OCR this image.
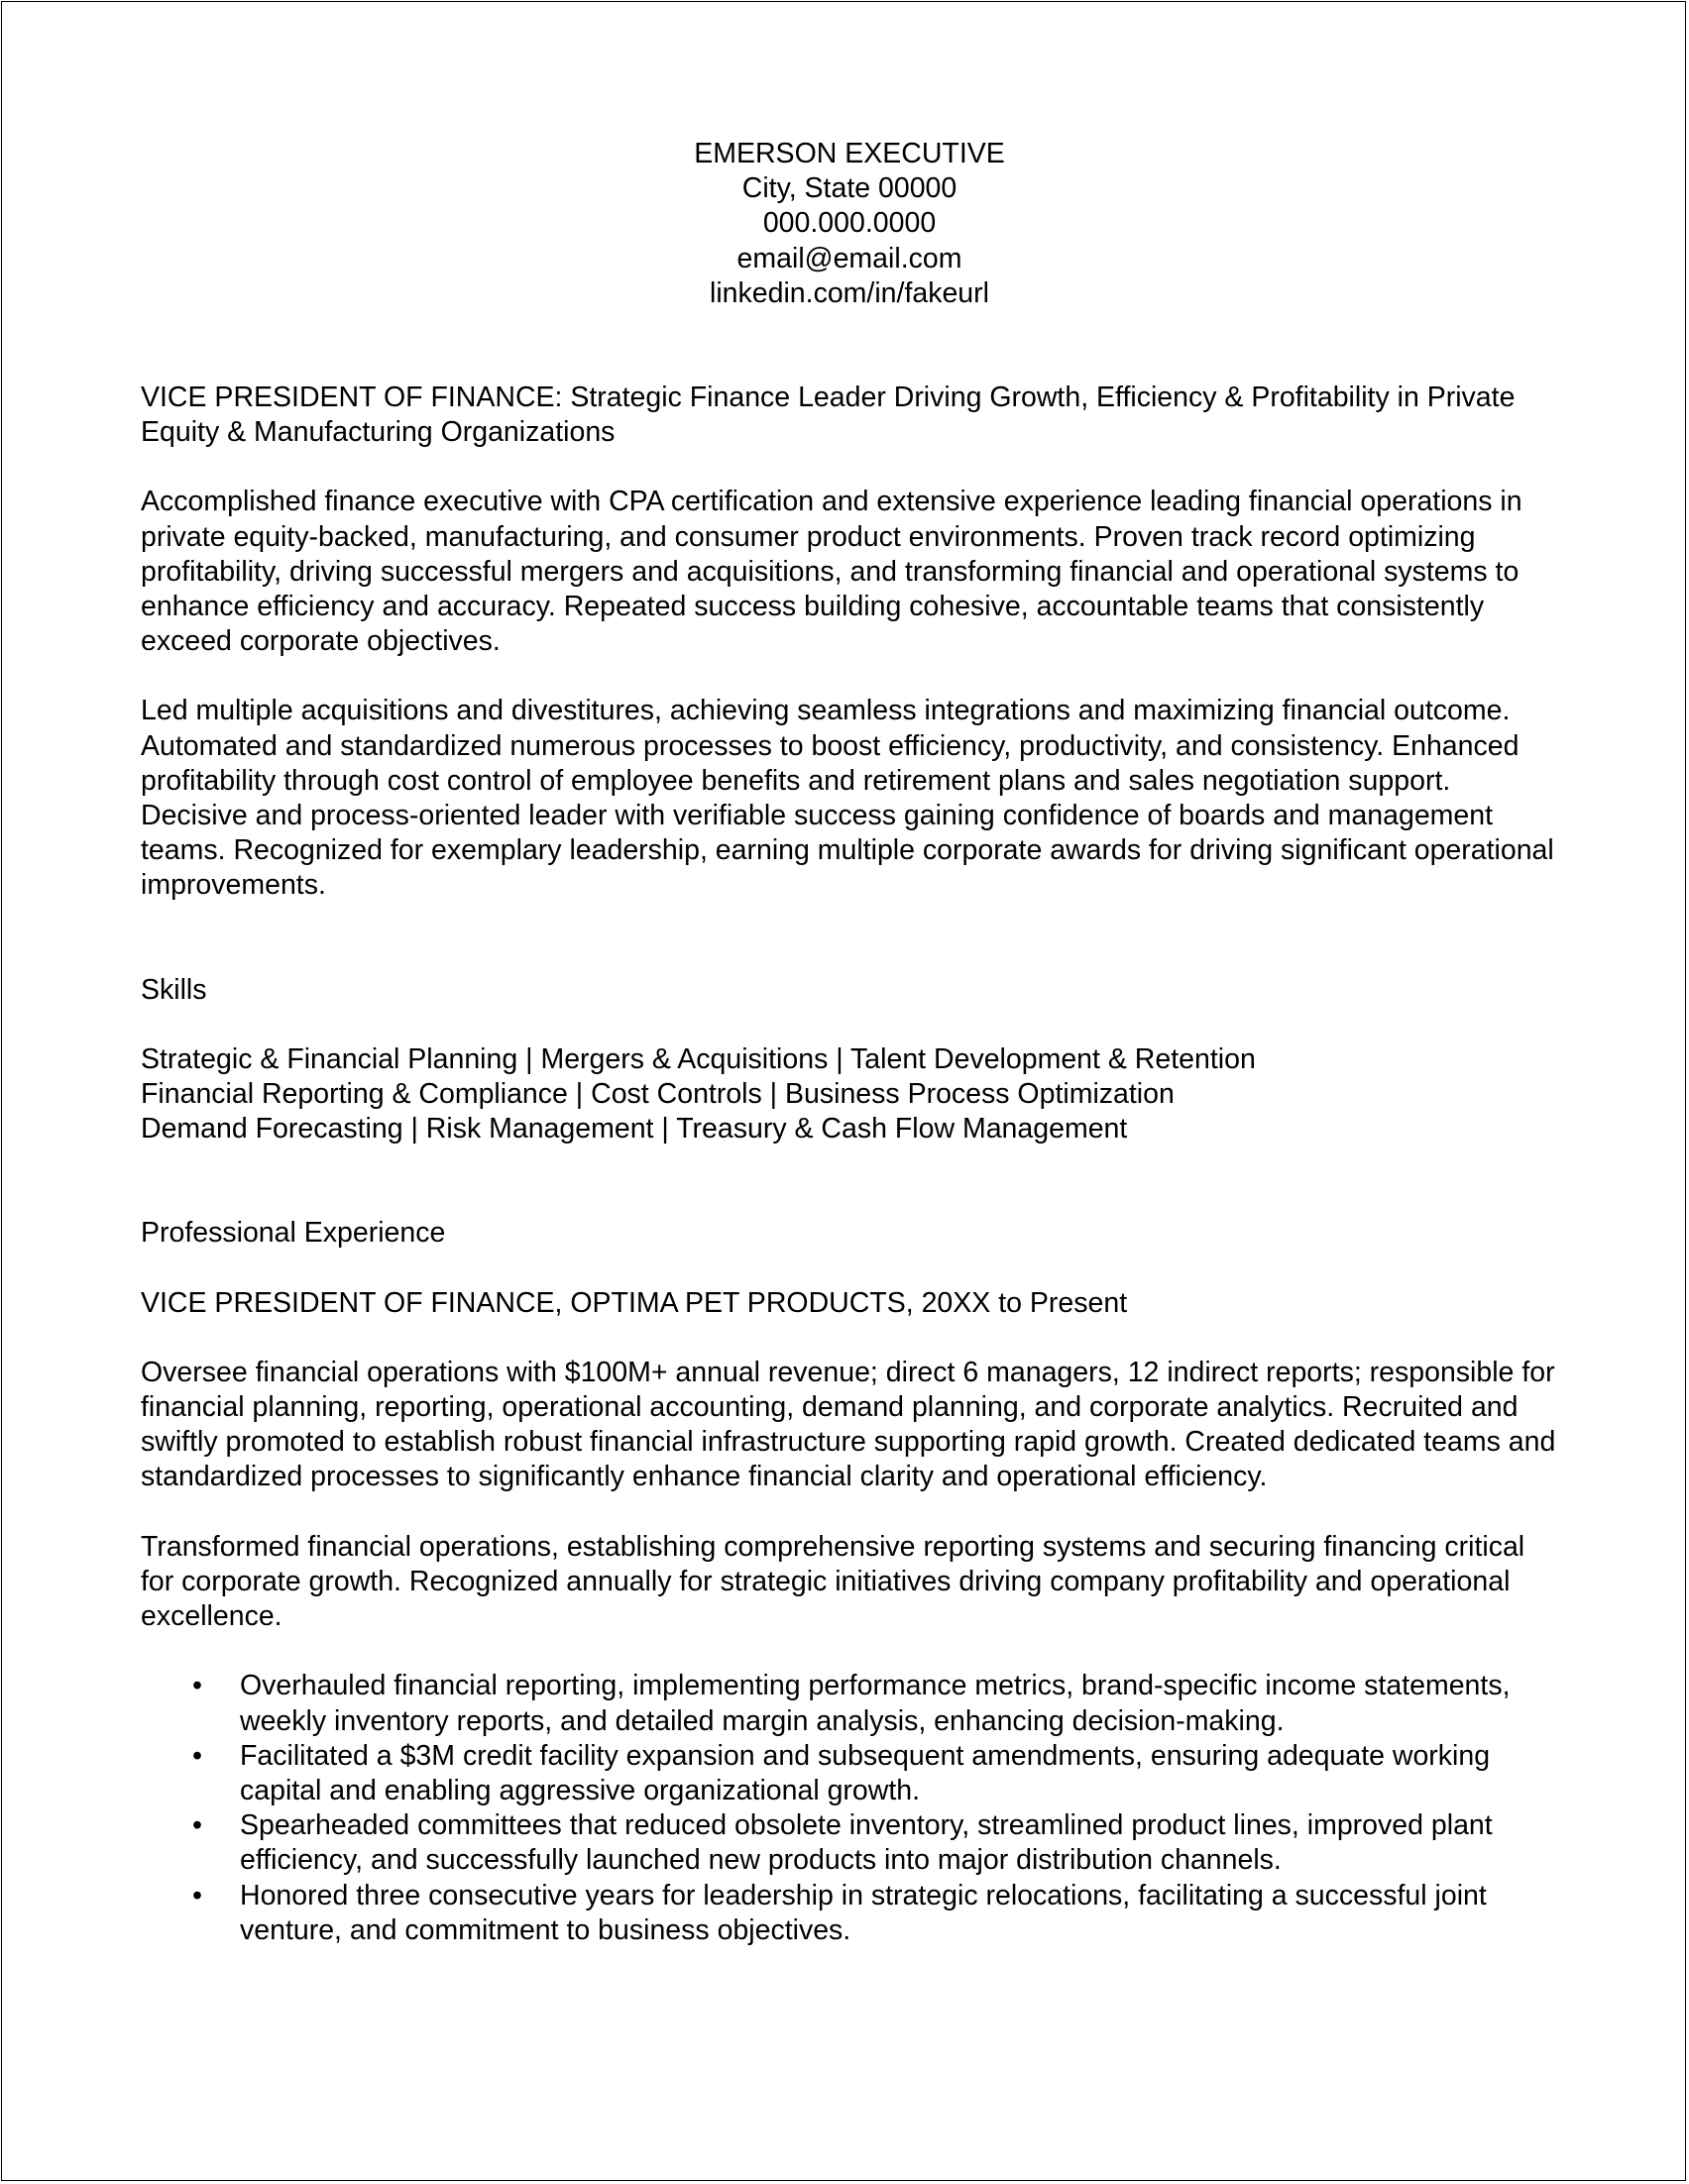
EMERSON EXECUTIVE
City, State 00000
000.000.0000
email@email.com
linkedin.com/in/fakeurl

VICE PRESIDENT OF FINANCE: Strategic Finance Leader Driving Growth, Efficiency & Profitability in Private Equity & Manufacturing Organizations

Accomplished finance executive with CPA certification and extensive experience leading financial operations in private equity-backed, manufacturing, and consumer product environments. Proven track record optimizing profitability, driving successful mergers and acquisitions, and transforming financial and operational systems to enhance efficiency and accuracy. Repeated success building cohesive, accountable teams that consistently exceed corporate objectives.

Led multiple acquisitions and divestitures, achieving seamless integrations and maximizing financial outcome. Automated and standardized numerous processes to boost efficiency, productivity, and consistency. Enhanced profitability through cost control of employee benefits and retirement plans and sales negotiation support. Decisive and process-oriented leader with verifiable success gaining confidence of boards and management teams. Recognized for exemplary leadership, earning multiple corporate awards for driving significant operational improvements.

Skills

Strategic & Financial Planning | Mergers & Acquisitions | Talent Development & Retention

Financial Reporting & Compliance | Cost Controls | Business Process Optimization

Demand Forecasting | Risk Management | Treasury & Cash Flow Management

Professional Experience

VICE PRESIDENT OF FINANCE, OPTIMA PET PRODUCTS, 20XX to Present

Oversee financial operations with $100M+ annual revenue; direct 6 managers, 12 indirect reports; responsible for financial planning, reporting, operational accounting, demand planning, and corporate analytics. Recruited and swiftly promoted to establish robust financial infrastructure supporting rapid growth. Created dedicated teams and standardized processes to significantly enhance financial clarity and operational efficiency.

Transformed financial operations, establishing comprehensive reporting systems and securing financing critical for corporate growth. Recognized annually for strategic initiatives driving company profitability and operational excellence.

• Overhauled financial reporting, implementing performance metrics, brand-specific income statements, weekly inventory reports, and detailed margin analysis, enhancing decision-making.
• Facilitated a $3M credit facility expansion and subsequent amendments, ensuring adequate working capital and enabling aggressive organizational growth.
• Spearheaded committees that reduced obsolete inventory, streamlined product lines, improved plant efficiency, and successfully launched new products into major distribution channels.
• Honored three consecutive years for leadership in strategic relocations, facilitating a successful joint venture, and commitment to business objectives.
